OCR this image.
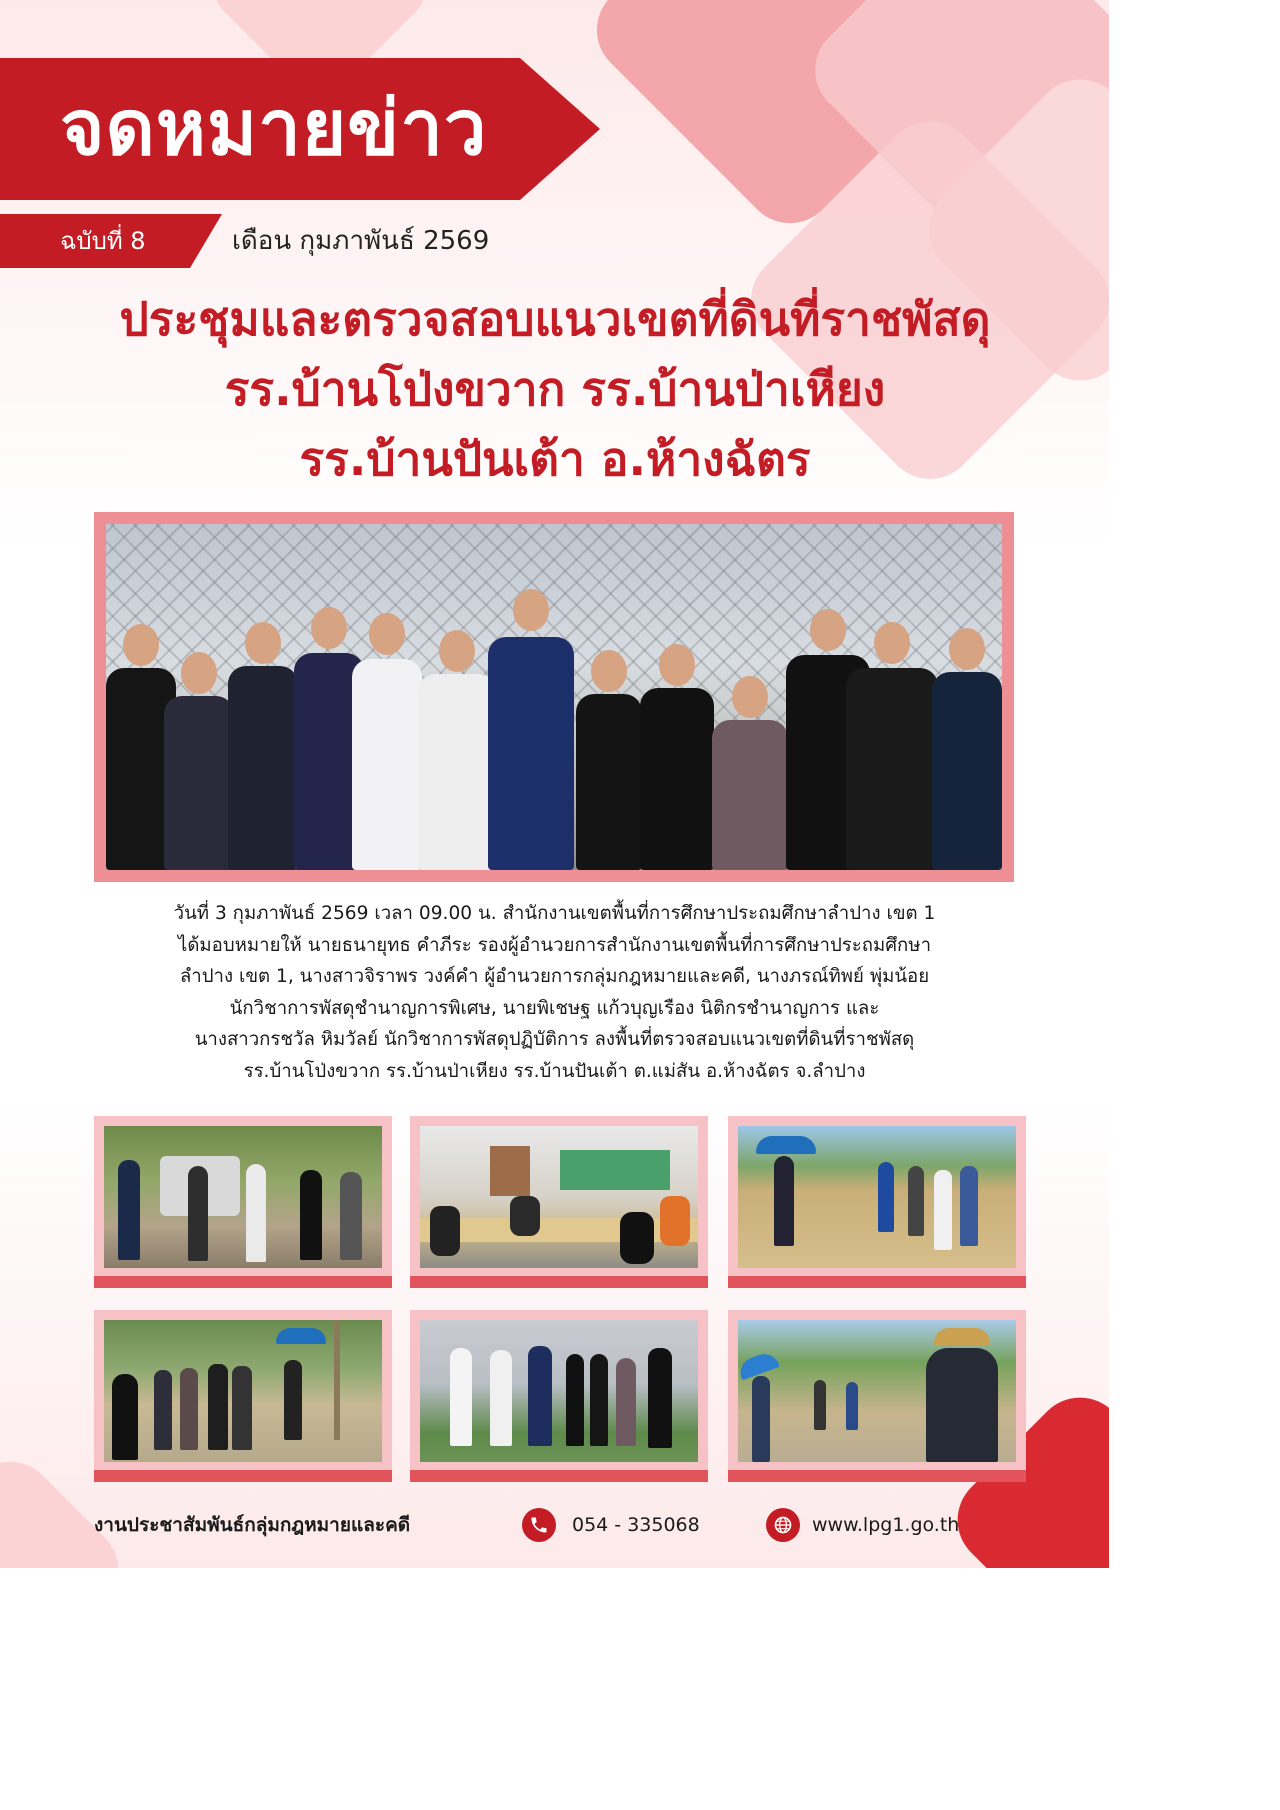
จดหมายข่าว
ฉบับที่ 8	เดือน กุมภาพันธ์ 2569
ประชุมและตรวจสอบแนวเขตที่ดินที่ราชพัสดุ
รร.บ้านโป่งขวาก รร.บ้านป่าเหียง
รร.บ้านปันเต้า อ.ห้างฉัตร
วันที่ 3 กุมภาพันธ์ 2569 เวลา 09.00 น. สำนักงานเขตพื้นที่การศึกษาประถมศึกษาลำปาง เขต 1
ได้มอบหมายให้ นายธนายุทธ คำภีระ รองผู้อำนวยการสำนักงานเขตพื้นที่การศึกษาประถมศึกษา
ลำปาง เขต 1, นางสาวจิราพร วงค์คำ ผู้อำนวยการกลุ่มกฎหมายและคดี, นางภรณ์ทิพย์ พุ่มน้อย
นักวิชาการพัสดุชำนาญการพิเศษ, นายพิเชษฐ แก้วบุญเรือง นิติกรชำนาญการ และ
นางสาวกรชวัล หิมวัลย์ นักวิชาการพัสดุปฏิบัติการ ลงพื้นที่ตรวจสอบแนวเขตที่ดินที่ราชพัสดุ
รร.บ้านโป่งขวาก รร.บ้านป่าเหียง รร.บ้านปันเต้า ต.แม่สัน อ.ห้างฉัตร จ.ลำปาง
งานประชาสัมพันธ์กลุ่มกฎหมายและคดี	054 - 335068	www.lpg1.go.th
